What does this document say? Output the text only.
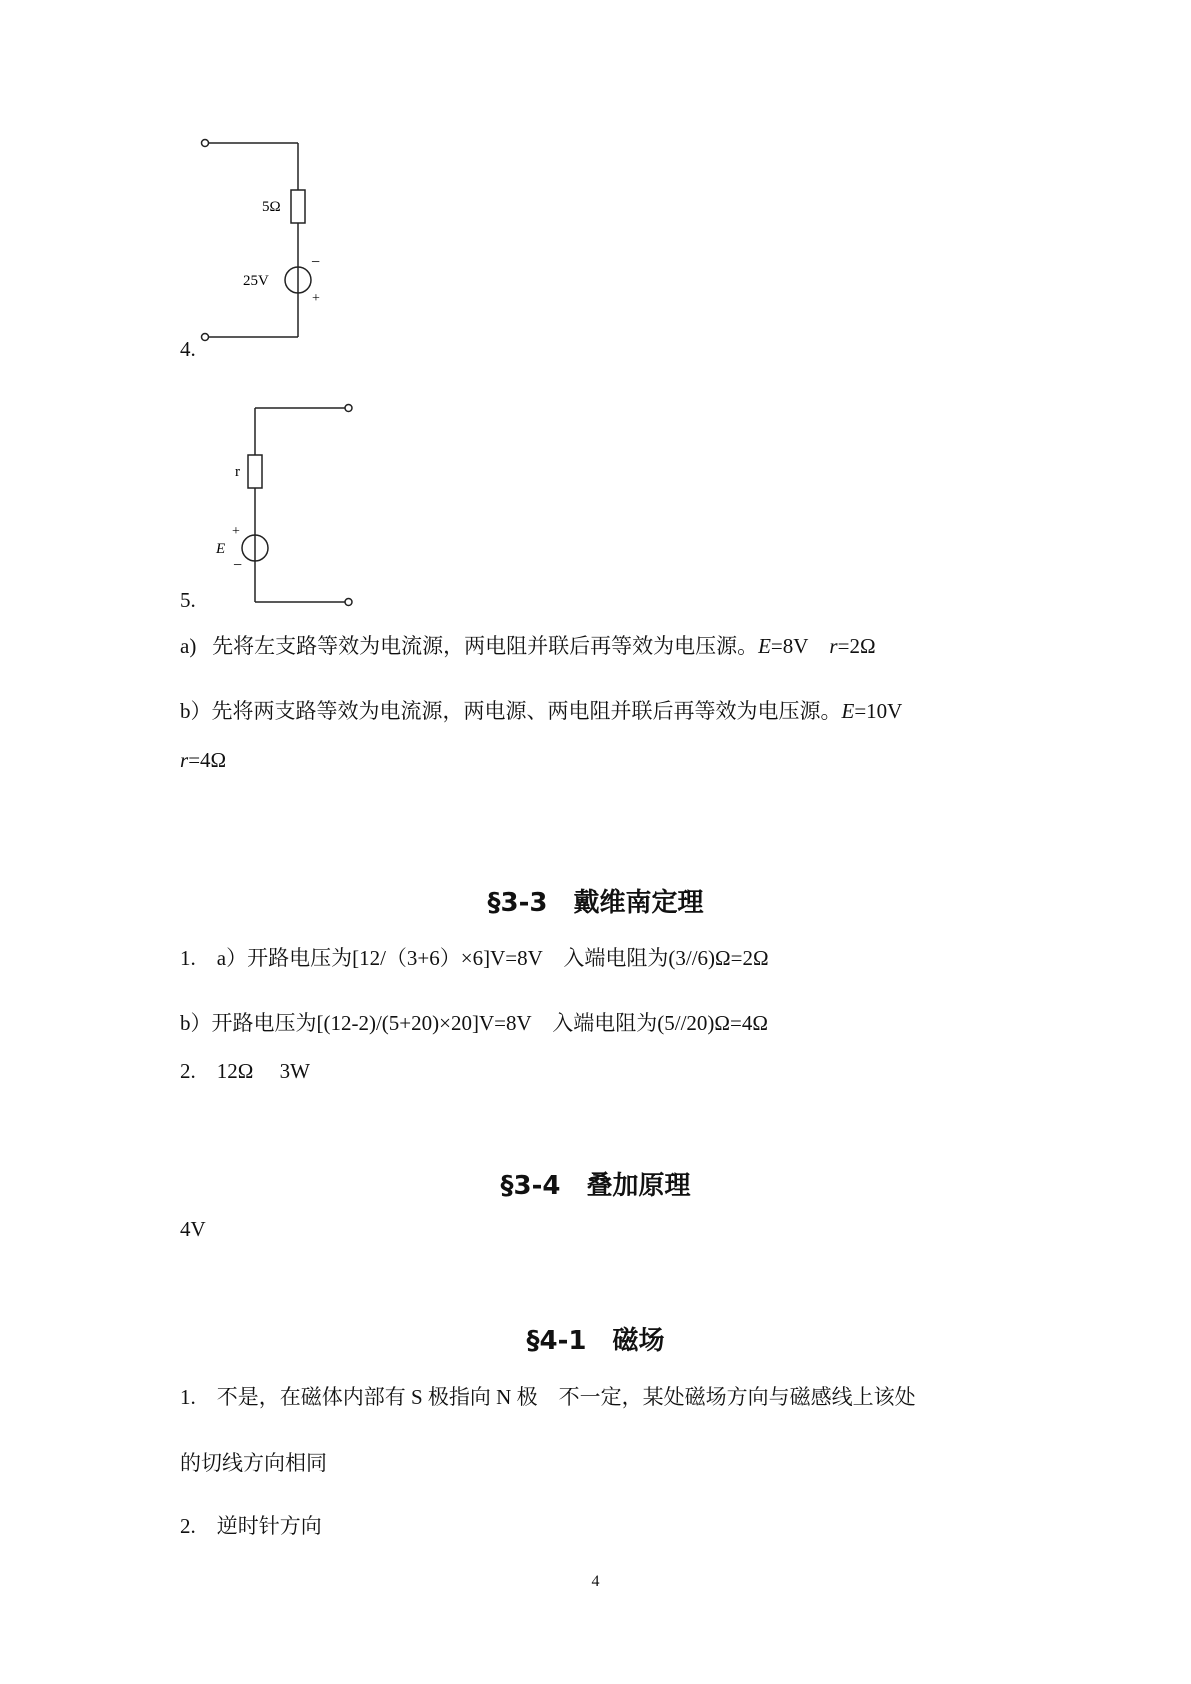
5Ω
25V
−
+
4.
r
E
+
−
5.
a) 先将左支路等效为电流源，两电阻并联后再等效为电压源。E=8V r=2Ω
b）先将两支路等效为电流源，两电源、两电阻并联后再等效为电压源。E=10V
r=4Ω
§3-3　戴维南定理
1.　a）开路电压为[12/（3+6）×6]V=8V　入端电阻为(3//6)Ω=2Ω
b）开路电压为[(12-2)/(5+20)×20]V=8V　入端电阻为(5//20)Ω=4Ω
2.　12Ω　 3W
§3-4　叠加原理
4V
§4-1　磁场
1.　不是，在磁体内部有 S 极指向 N 极　不一定，某处磁场方向与磁感线上该处
的切线方向相同
2.　逆时针方向
4
